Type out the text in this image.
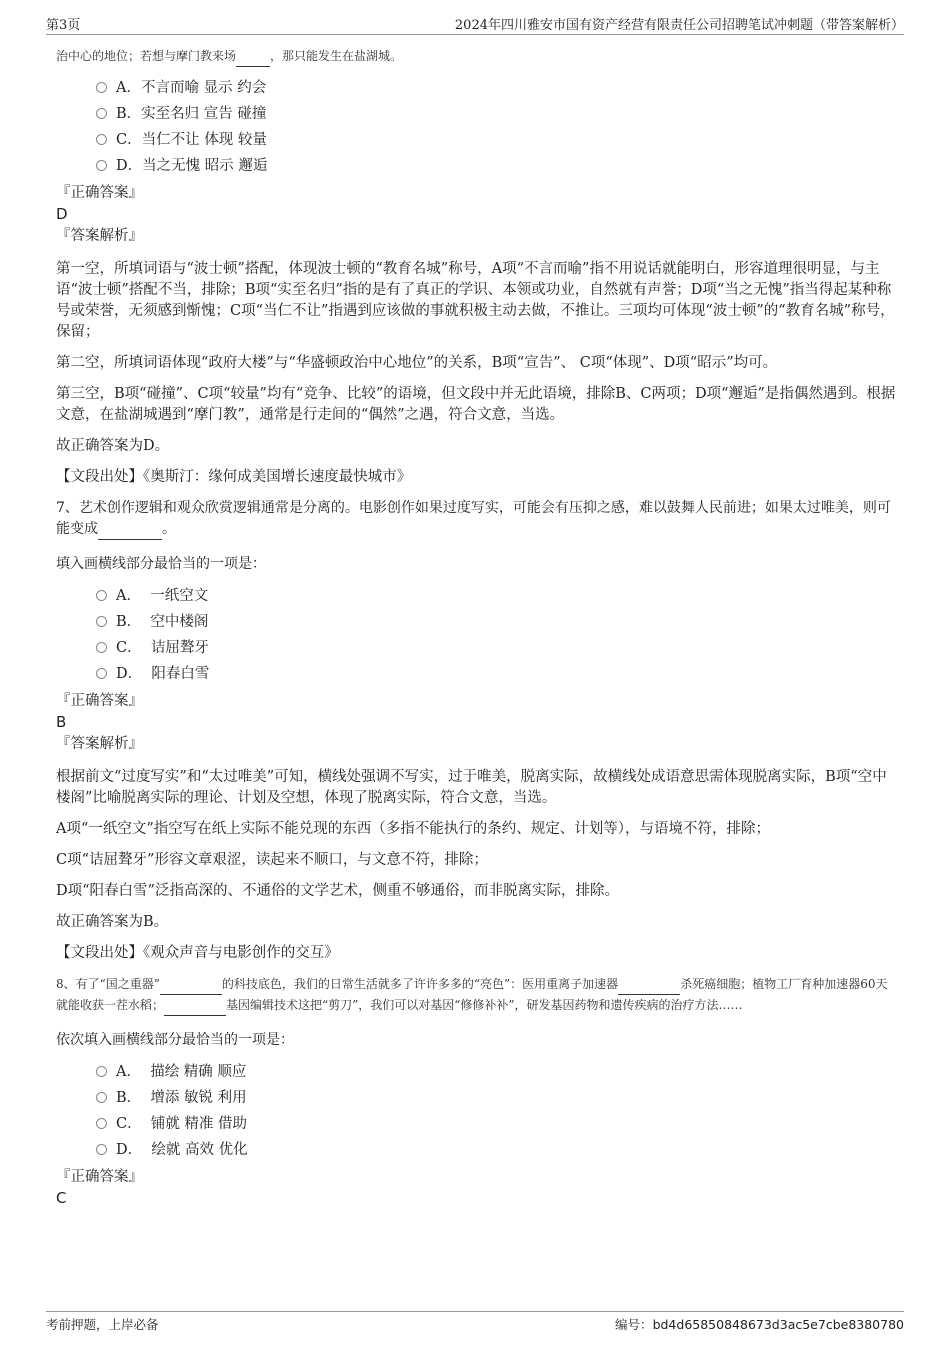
第3页	2024年四川雅安市国有资产经营有限责任公司招聘笔试冲刺题（带答案解析）
治中心的地位；若想与摩门教来场	，那只能发生在盐湖城。
A．不言而喻 显示 约会
B．实至名归 宣告 碰撞
C．当仁不让 体现 较量
D．当之无愧 昭示 邂逅
『正确答案』
D
『答案解析』
第一空，所填词语与“波士顿”搭配，体现波士顿的“教育名城”称号，A项“不言而喻”指不用说话就能明白，形容道理很明显，与主语“波士顿”搭配不当，排除；B项“实至名归”指的是有了真正的学识、本领或功业，自然就有声誉；D项“当之无愧”指当得起某种称号或荣誉，无须感到惭愧；C项“当仁不让”指遇到应该做的事就积极主动去做，不推让。三项均可体现“波士顿”的“教育名城”称号，保留；
第二空，所填词语体现“政府大楼”与“华盛顿政治中心地位”的关系，B项“宣告”、 C项“体现”、D项“昭示”均可。
第三空，B项“碰撞”、C项“较量”均有“竞争、比较”的语境，但文段中并无此语境，排除B、C两项；D项“邂逅”是指偶然遇到。根据文意，在盐湖城遇到“摩门教”，通常是行走间的“偶然”之遇，符合文意，当选。
故正确答案为D。
【文段出处】《奥斯汀：缘何成美国增长速度最快城市》
7、艺术创作逻辑和观众欣赏逻辑通常是分离的。电影创作如果过度写实，可能会有压抑之感，难以鼓舞人民前进；如果太过唯美，则可能变成	。
填入画横线部分最恰当的一项是：
A． 一纸空文
B． 空中楼阁
C． 诘屈聱牙
D． 阳春白雪
『正确答案』
B
『答案解析』
根据前文“过度写实”和“太过唯美”可知，横线处强调不写实，过于唯美，脱离实际，故横线处成语意思需体现脱离实际，B项“空中楼阁”比喻脱离实际的理论、计划及空想，体现了脱离实际，符合文意，当选。
A项“一纸空文”指空写在纸上实际不能兑现的东西（多指不能执行的条约、规定、计划等），与语境不符，排除；
C项“诘屈聱牙”形容文章艰涩，读起来不顺口，与文意不符，排除；
D项“阳春白雪”泛指高深的、不通俗的文学艺术，侧重不够通俗，而非脱离实际，排除。
故正确答案为B。
【文段出处】《观众声音与电影创作的交互》
8、有了“国之重器”	的科技底色，我们的日常生活就多了许许多多的“亮色”：医用重离子加速器	杀死癌细胞；植物工厂育种加速器60天就能收获一茬水稻；	基因编辑技术这把“剪刀”，我们可以对基因“修修补补”，研发基因药物和遗传疾病的治疗方法……
依次填入画横线部分最恰当的一项是：
A． 描绘 精确 顺应
B． 增添 敏锐 利用
C． 铺就 精准 借助
D． 绘就 高效 优化
『正确答案』
C
考前押题，上岸必备	编号：bd4d65850848673d3ac5e7cbe8380780
